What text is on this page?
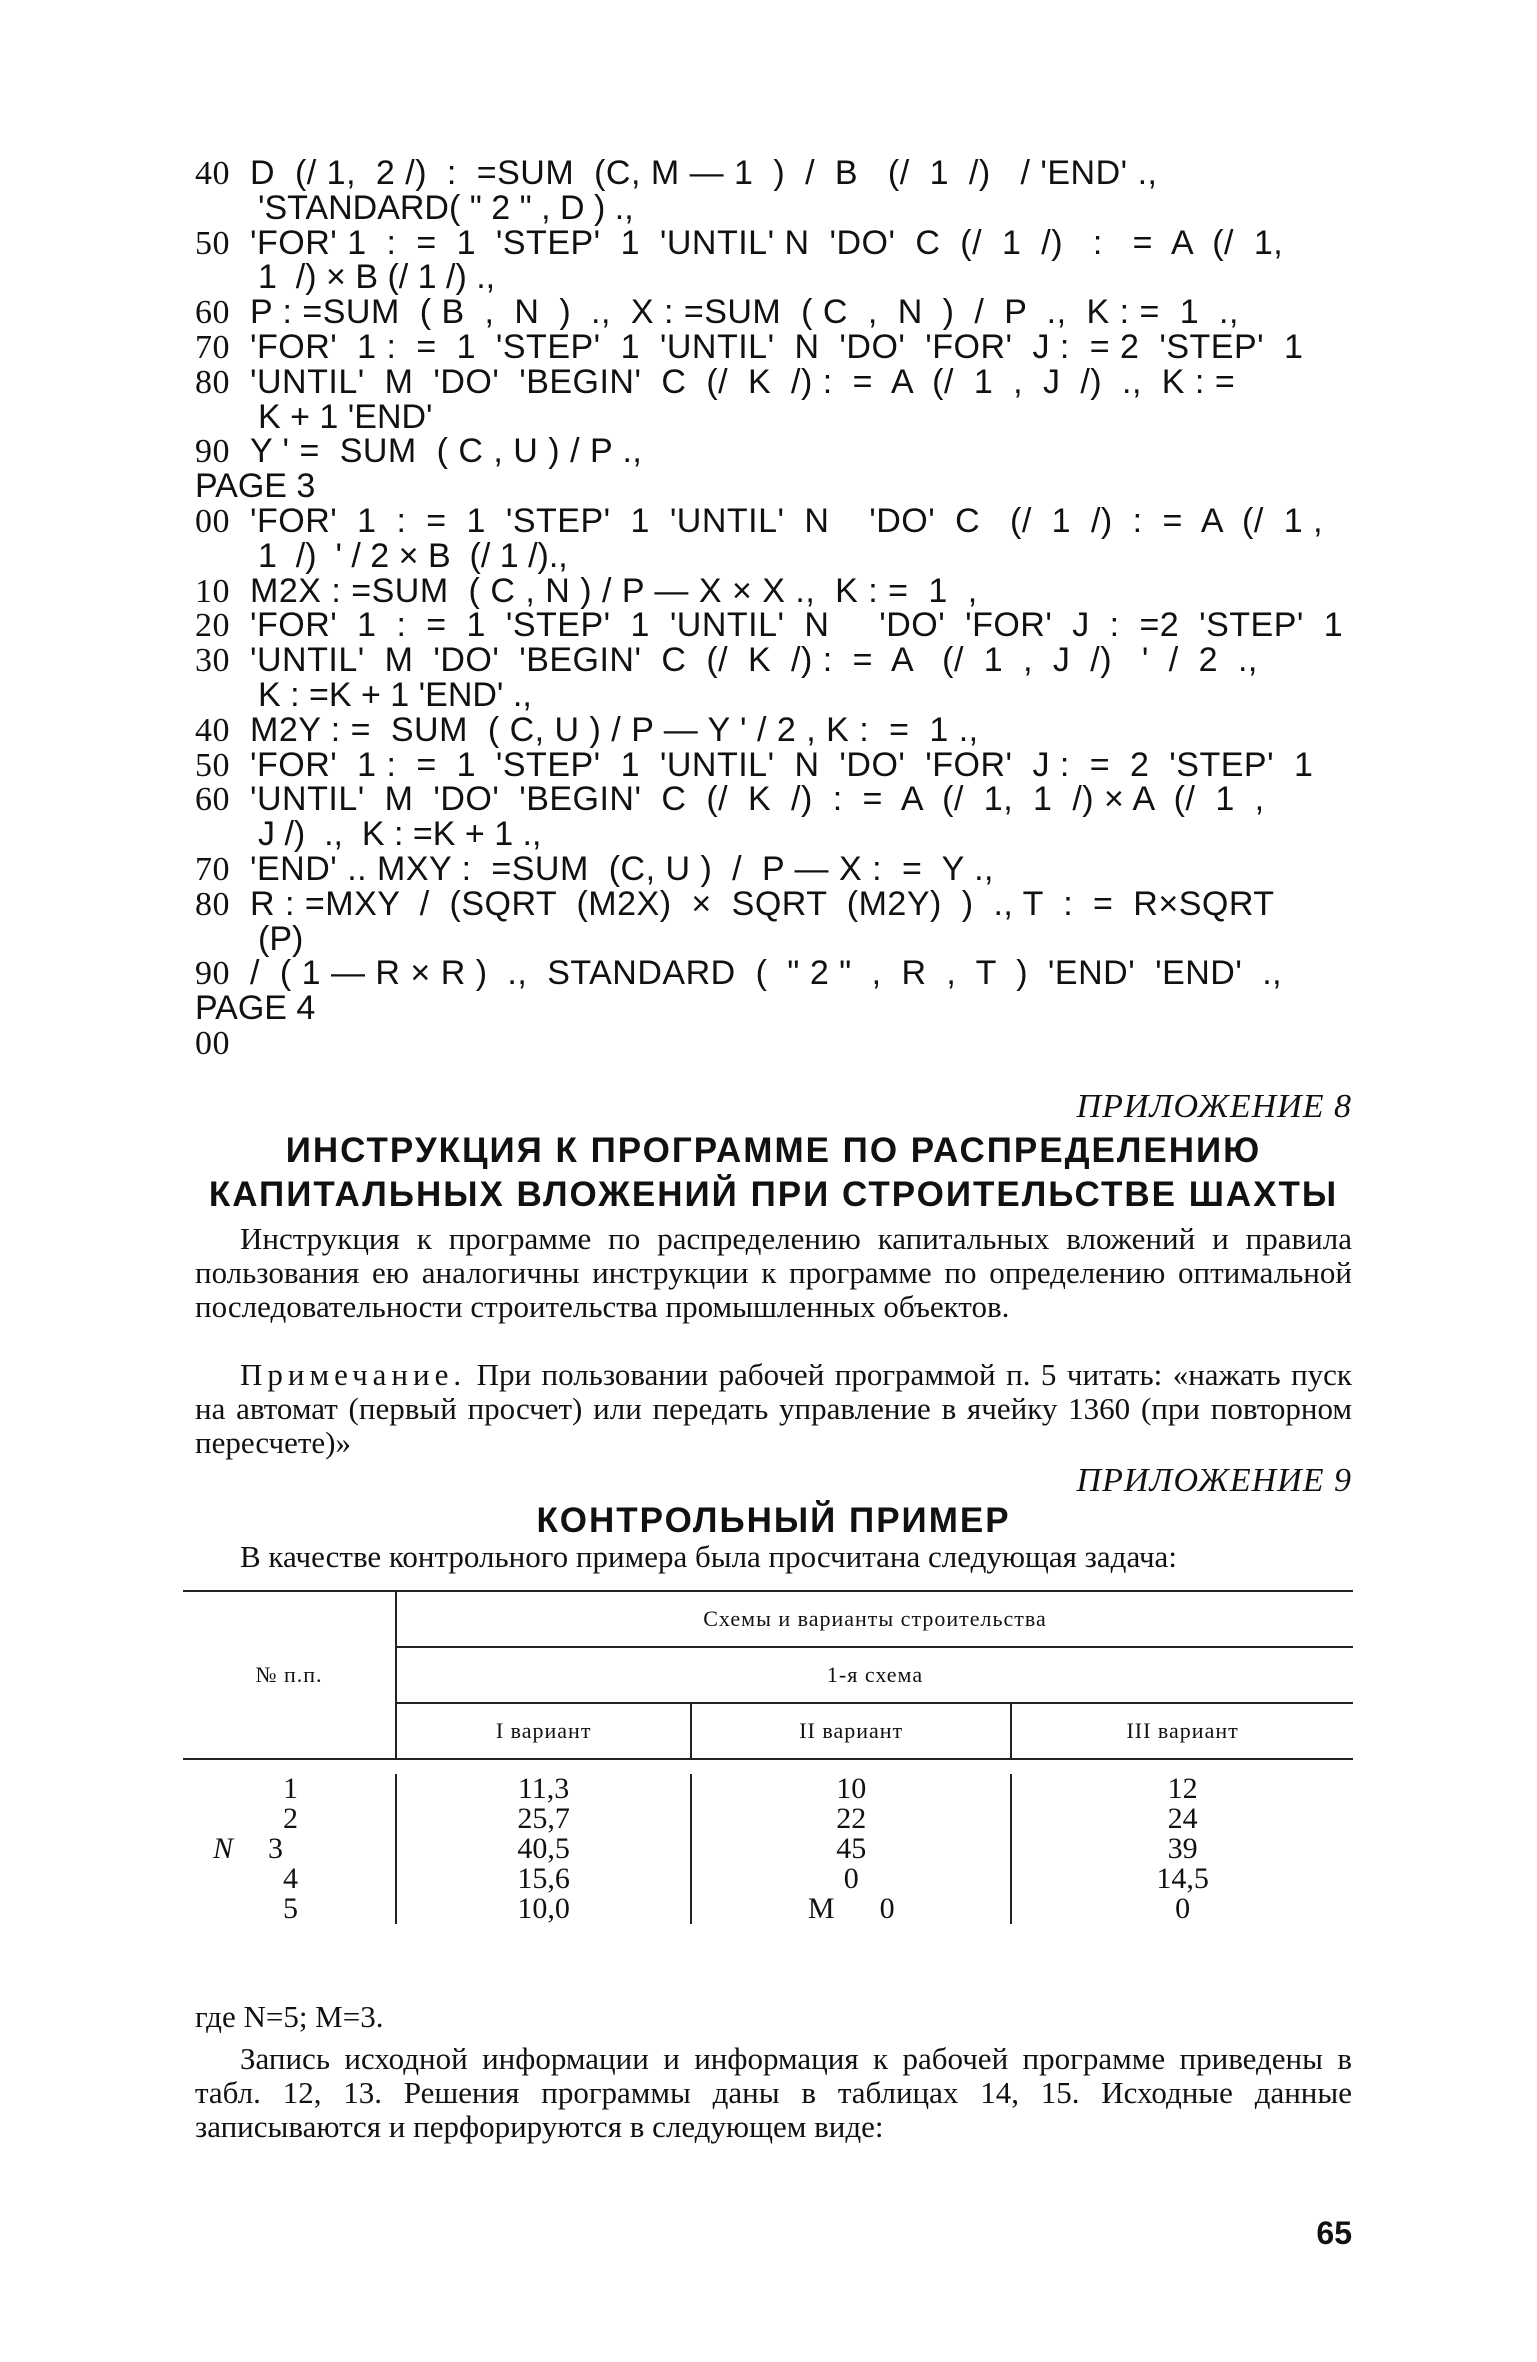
40 D  (/ 1,  2 /)  :  =SUM  (C, M — 1  )  /  B   (/  1  /)   / 'END' .,
'STANDARD( " 2 " , D ) .,
50 'FOR' 1  :  =  1  'STEP'  1  'UNTIL' N  'DO'  C  (/  1  /)   :   =  A  (/  1,
1  /) × B (/ 1 /) .,
60 P : =SUM  ( B  ,  N  )  .,  X : =SUM  ( C  ,  N  )  /  P  .,  K : =  1  .,
70 'FOR'  1 :  =  1  'STEP'  1  'UNTIL'  N  'DO'  'FOR'  J :  = 2  'STEP'  1
80 'UNTIL'  M  'DO'  'BEGIN'  C  (/  K  /) :  =  A  (/  1  ,  J  /)  .,  K : =
K + 1 'END'
90 Y ' =  SUM  ( C , U ) / P .,
PAGE 3
00 'FOR'  1  :  =  1  'STEP'  1  'UNTIL'  N    'DO'  C   (/  1  /)  :  =  A  (/  1 ,
1  /)  ' / 2 × B  (/ 1 /).,
10 M2X : =SUM  ( C , N ) / P — X × X .,  K : =  1  ,
20 'FOR'  1  :  =  1  'STEP'  1  'UNTIL'  N     'DO'  'FOR'  J  :  =2  'STEP'  1
30 'UNTIL'  M  'DO'  'BEGIN'  C  (/  K  /) :  =  A   (/  1  ,  J  /)   '  /  2  .,
K : =K + 1 'END' .,
40 M2Y : =  SUM  ( C, U ) / P — Y ' / 2 , K :  =  1 .,
50 'FOR'  1 :  =  1  'STEP'  1  'UNTIL'  N  'DO'  'FOR'  J :  =  2  'STEP'  1
60 'UNTIL'  M  'DO'  'BEGIN'  C  (/  K  /)  :  =  A  (/  1,  1  /) × A  (/  1  ,
J /)  .,  K : =K + 1 .,
70 'END' .. MXY :  =SUM  (C, U )  /  P — X :  =  Y .,
80 R : =MXY  /  (SQRT  (M2X)  ×  SQRT  (M2Y)  )  ., T  :  =  R×SQRT
(P)
90 /  ( 1 — R × R )  .,  STANDARD  (  " 2 "  ,  R  ,  T  )  'END'  'END'  .,
PAGE 4
00
ПРИЛОЖЕНИЕ 8
ИНСТРУКЦИЯ К ПРОГРАММЕ ПО РАСПРЕДЕЛЕНИЮ
КАПИТАЛЬНЫХ ВЛОЖЕНИЙ ПРИ СТРОИТЕЛЬСТВЕ ШАХТЫ
Инструкция к программе по распределению капитальных вложений и правила пользования ею аналогичны инструкции к программе по определению оптимальной последовательности строительства промышленных объектов.
Примечание. При пользовании рабочей программой п. 5 читать: «нажать пуск на автомат (первый просчет) или передать управление в ячейку 1360 (при повторном пересчете)»
ПРИЛОЖЕНИЕ 9
КОНТРОЛЬНЫЙ ПРИМЕР
В качестве контрольного примера была просчитана следующая задача:
№ п.п.	Схемы и варианты строительства		
	1-я схема		
	I вариант	II вариант	III вариант

1	11,3	10	12
2	25,7	22	24
N 3	40,5	45	39
4	15,6	0	14,5
5	10,0	M 0	0
где N=5; M=3.
Запись исходной информации и информация к рабочей программе приведены в табл. 12, 13. Решения программы даны в таблицах 14, 15. Исходные данные записываются и перфорируются в следующем виде:
65
